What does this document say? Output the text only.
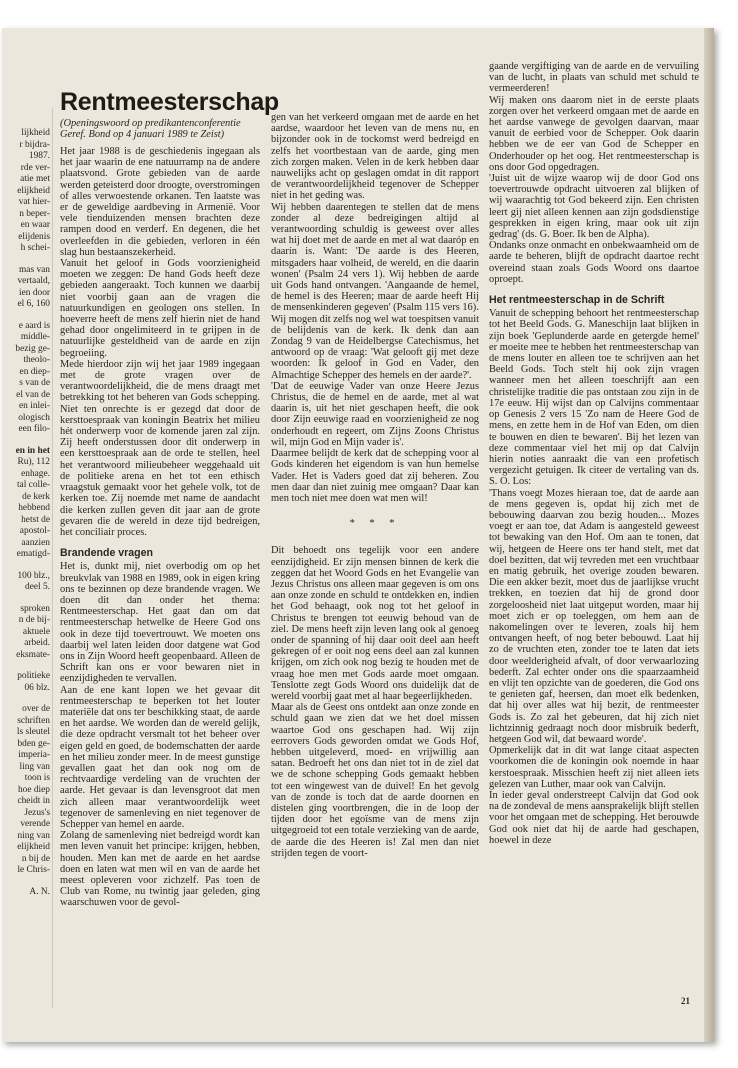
lijkheid
r bijdra-
1987.
rde ver-
atie met
elijkheid
vat hier-
n beper-
en waar
elijdenis
h schei-
mas van
vertaald,
ien door
el 6, 160
e aard is
middle-
bezig ge-
theolo-
en diep-
s van de
el van de
en inlei-
ologisch
een filo-
en in het
Ru), 112
enhage.
tal colle-
de kerk
hebbend
hetst de
apostol-
aanzien
ematigd-
100 blz.,
deel 5.
sproken
n de bij-
aktuele
arbeid.
eksmate-
politieke
06 blz.
over de
schriften
ls sleutel
bden ge-
imperia-
ling van
toon is
hoe diep
cheidt in
Jezus's
verende
ning van
elijkheid
n bij de
le Chris-
A. N.
Rentmeesterschap
(Openingswoord op predikantenconferentie Geref. Bond op 4 januari 1989 te Zeist)
Het jaar 1988 is de geschiedenis ingegaan als het jaar waarin de ene natuurramp na de andere plaatsvond. Grote gebieden van de aarde werden geteisterd door droogte, overstromingen of alles verwoestende orkanen. Ten laatste was er de geweldige aardbeving in Armenië. Voor vele tienduizenden mensen brachten deze rampen dood en verderf. En degenen, die het overleefden in die gebieden, verloren in één slag hun bestaanszekerheid.
Vanuit het geloof in Gods voorzienigheid moeten we zeggen: De hand Gods heeft deze gebieden aangeraakt. Toch kunnen we daarbij niet voorbij gaan aan de vragen die natuurkundigen en geologen ons stellen. In hoeverre heeft de mens zelf hierin niet de hand gehad door ongelimiteerd in te grijpen in de natuurlijke gesteldheid van de aarde en zijn begroeiing.
Mede hierdoor zijn wij het jaar 1989 ingegaan met de grote vragen over de verantwoordelijkheid, die de mens draagt met betrekking tot het beheren van Gods schepping. Niet ten onrechte is er gezegd dat door de kersttoespraak van koningin Beatrix het milieu hét onderwerp voor de komende jaren zal zijn. Zij heeft onderstussen door dit onderwerp in een kersttoespraak aan de orde te stellen, heel het verantwoord milieubeheer weggehaald uit de politieke arena en het tot een ethisch vraagstuk gemaakt voor het gehele volk, tot de kerken toe. Zij noemde met name de aandacht die kerken zullen geven dit jaar aan de grote gevaren die de wereld in deze tijd bedreigen, het conciliair proces.
Brandende vragen
Het is, dunkt mij, niet overbodig om op het breukvlak van 1988 en 1989, ook in eigen kring ons te bezinnen op deze brandende vragen. We doen dit dan onder het thema: Rentmeesterschap. Het gaat dan om dat rentmeesterschap hetwelke de Heere God ons ook in deze tijd toevertrouwt. We moeten ons daarbij wel laten leiden door datgene wat God ons in Zijn Woord heeft geopenbaard. Alleen de Schrift kan ons er voor bewaren niet in eenzijdigheden te vervallen.
Aan de ene kant lopen we het gevaar dit rentmeesterschap te beperken tot het louter materiële dat ons ter beschikking staat, de aarde en het aardse. We worden dan de wereld gelijk, die deze opdracht versmalt tot het beheer over eigen geld en goed, de bodemschatten der aarde en het milieu zonder meer. In de meest gunstige gevallen gaat het dan ook nog om de rechtvaardige verdeling van de vruchten der aarde. Het gevaar is dan levensgroot dat men zich alleen maar verantwoordelijk weet tegenover de samenleving en niet tegenover de Schepper van hemel en aarde.
Zolang de samenleving niet bedreigd wordt kan men leven vanuit het principe: krijgen, hebben, houden. Men kan met de aarde en het aardse doen en laten wat men wil en van de aarde het meest opleveren voor zichzelf. Pas toen de Club van Rome, nu twintig jaar geleden, ging waarschuwen voor de gevol-
gen van het verkeerd omgaan met de aarde en het aardse, waardoor het leven van de mens nu, en bijzonder ook in de tockomst werd bedreigd en zelfs het voortbestaan van de aarde, ging men zich zorgen maken. Velen in de kerk hebben daar nauwelijks acht op geslagen omdat in dit rapport de verantwoordelijkheid tegenover de Schepper niet in het geding was.
Wij hebben daarentegen te stellen dat de mens zonder al deze bedreigingen altijd al verantwoording schuldig is geweest over alles wat hij doet met de aarde en met al wat daaróp en daarín is. Want: 'De aarde is des Heeren, mitsgaders haar volheid, de wereld, en die daarin wonen' (Psalm 24 vers 1). Wij hebben de aarde uit Gods hand ontvangen. 'Aangaande de hemel, de hemel is des Heeren; maar de aarde heeft Hij de mensenkinderen gegeven' (Psalm 115 vers 16).
Wij mogen dit zelfs nog wel wat toespitsen vanuit de belijdenis van de kerk. Ik denk dan aan Zondag 9 van de Heidelbergse Catechismus, het antwoord op de vraag: 'Wat gelooft gij met deze woorden: Ik geloof in God en Vader, den Almachtige Schepper des hemels en der aarde?'.
'Dat de eeuwige Vader van onze Heere Jezus Christus, die de hemel en de aarde, met al wat daarin is, uit het niet geschapen heeft, die ook door Zijn eeuwige raad en voorzienigheid ze nog onderhoudt en regeert, om Zijns Zoons Christus wil, mijn God en Mijn vader is'.
Daarmee belijdt de kerk dat de schepping voor al Gods kinderen het eigendom is van hun hemelse Vader. Het is Vaders goed dat zij beheren. Zou men daar dan niet zuinig mee omgaan? Daar kan men toch niet mee doen wat men wil!
* * *
Dit behoedt ons tegelijk voor een andere eenzijdigheid. Er zijn mensen binnen de kerk die zeggen dat het Woord Gods en het Evangelie van Jezus Christus ons alleen maar gegeven is om ons aan onze zonde en schuld te ontdekken en, indien het God behaagt, ook nog tot het geloof in Christus te brengen tot eeuwig behoud van de ziel. De mens heeft zijn leven lang ook al genoeg onder de spanning of hij daar ooit deel aan heeft gekregen of er ooit nog eens deel aan zal kunnen krijgen, om zich ook nog bezig te houden met de vraag hoe men met Gods aarde moet omgaan. Tenslotte zegt Gods Woord ons duidelijk dat de wereld voorbij gaat met al haar begeerlijkheden.
Maar als de Geest ons ontdekt aan onze zonde en schuld gaan we zien dat we het doel missen waartoe God ons geschapen had. Wij zijn eerrovers Gods geworden omdat we Gods Hof, hebben uitgeleverd, moed- en vrijwillig aan satan. Bedroeft het ons dan niet tot in de ziel dat we de schone schepping Gods gemaakt hebben tot een wingewest van de duivel! En het gevolg van de zonde is toch dat de aarde doornen en distelen ging voortbrengen, die in de loop der tijden door het egoïsme van de mens zijn uitgegroeid tot een totale verziekìng van de aarde, de aarde die des Heeren is! Zal men dan niet strijden tegen de voort-
gaande vergiftiging van de aarde en de vervuiling van de lucht, in plaats van schuld met schuld te vermeerderen!
Wij maken ons daarom niet in de eerste plaats zorgen over het verkeerd omgaan met de aarde en het aardse vanwege de gevolgen daarvan, maar vanuit de eerbied voor de Schepper. Ook daarin hebben we de eer van God de Schepper en Onderhouder op het oog. Het rentmeesterschap is ons door God opgedragen.
'Juist uit de wijze waarop wij de door God ons toevertrouwde opdracht uitvoeren zal blijken of wij waarachtig tot God bekeerd zijn. Een christen leert gij niet alleen kennen aan zijn godsdienstige gesprekken in eigen kring, maar ook uit zijn gedrag' (ds. G. Boer. Ik ben de Alpha).
Ondanks onze onmacht en onbekwaamheid om de aarde te beheren, blijft de opdracht daartoe recht overeind staan zoals Gods Woord ons daartoe oproept.
Het rentmeesterschap in de Schrift
Vanuit de schepping behoort het rentmeesterschap tot het Beeld Gods. G. Maneschijn laat blijken in zijn boek 'Geplunderde aarde en getergde hemel' er moeite mee te hebben het rentmeesterschap van de mens louter en alleen toe te schrijven aan het Beeld Gods. Toch stelt hij ook zijn vragen wanneer men het alleen toeschrijft aan een christelijke traditie die pas ontstaan zou zijn in de 17e eeuw. Hij wijst dan op Calvijns commentaar op Genesis 2 vers 15 'Zo nam de Heere God de mens, en zette hem in de Hof van Eden, om dien te bouwen en dien te bewaren'. Bij het lezen van deze commentaar viel het mij op dat Calvijn hierin noties aanraakt die van een profetisch vergezicht getuigen. Ik citeer de vertaling van ds. S. O. Los:
'Thans voegt Mozes hieraan toe, dat de aarde aan de mens gegeven is, opdat hij zich met de bebouwing daarvan zou bezig houden... Mozes voegt er aan toe, dat Adam is aangesteld geweest tot bewaking van den Hof. Om aan te tonen, dat wij, hetgeen de Heere ons ter hand stelt, met dat doel bezitten, dat wij tevreden met een vruchtbaar en matig gebruik, het overige zouden bewaren. Die een akker bezit, moet dus de jaarlijkse vrucht trekken, en toezien dat hij de grond door zorgeloosheid niet laat uitgeput worden, maar hij moet zich er op toeleggen, om hem aan de nakomelingen over te leveren, zoals hij hem ontvangen heeft, of nog beter bebouwd. Laat hij zo de vruchten eten, zonder toe te laten dat iets door weelderigheid afvalt, of door verwaarlozing bederft. Zal echter onder ons die spaarzaamheid en vlijt ten opzichte van de goederen, die God ons te genieten gaf, heersen, dan moet elk bedenken, dat hij over alles wat hij bezit, de rentmeester Gods is. Zo zal het gebeuren, dat hij zich niet lichtzinnig gedraagt noch door misbruik bederft, hetgeen God wil, dat bewaard worde'.
Opmerkelijk dat in dit wat lange citaat aspecten voorkomen die de koningin ook noemde in haar kerstoespraak. Misschien heeft zij niet alleen iets gelezen van Luther, maar ook van Calvijn.
In ieder geval onderstreept Calvijn dat God ook na de zondeval de mens aansprakelijk blijft stellen voor het omgaan met de schepping. Het berouwde God ook niet dat hij de aarde had geschapen, hoewel in deze
21
